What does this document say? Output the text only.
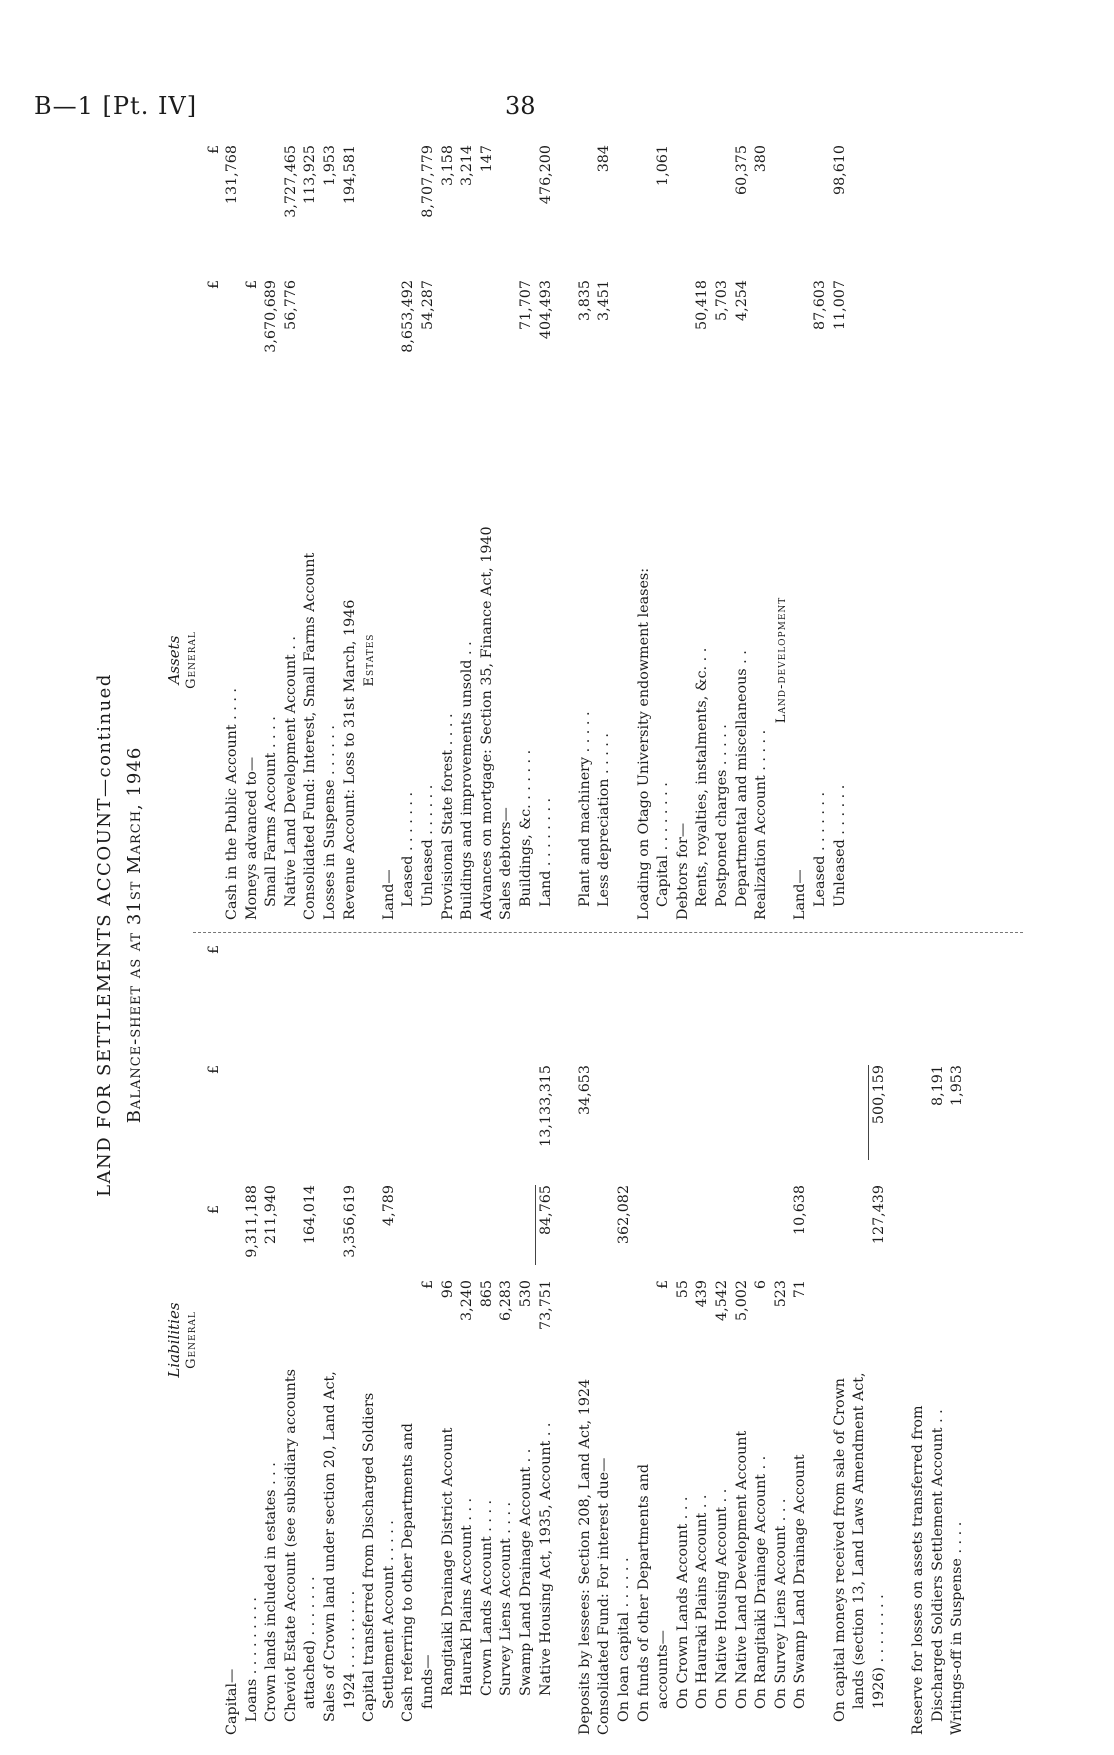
B—1 [Pt. IV]	38
LAND FOR SETTLEMENTS ACCOUNT—continued Balance-sheet as at 31st March, 1946
Liabilities General
£
£
£
Capital— Loans . . . . . . . . .
9,311,188
Crown lands included in estates . . .
211,940
Cheviot Estate Account (see subsidiary accounts attached) . . . . . . .
164,014
Sales of Crown land under section 20, Land Act, 1924 . . . . . . . . .
3,356,619
Capital transferred from Discharged Soldiers Settlement Account . . . . .
4,789
Cash referring to other Departments and funds—
£
Rangitaiki Drainage District Account
96
Hauraki Plains Account . . .
3,240
Crown Lands Account . . . .
865
Survey Liens Account . . . .
6,283
Swamp Land Drainage Account . .
530
Native Housing Act, 1935, Account . .
73,751
84,765
13,133,315
Deposits by lessees: Section 208, Land Act, 1924
34,653
Consolidated Fund: For interest due— On loan capital . . . . . .
362,082
On funds of other Departments and accounts—
£
On Crown Lands Account . . .
55
On Hauraki Plains Account . .
439
On Native Housing Account . .
4,542
On Native Land Development Account
5,002
On Rangitaiki Drainage Account . .
6
On Survey Liens Account . . .
523
On Swamp Land Drainage Account
71
10,638
On capital moneys received from sale of Crown lands (section 13, Land Laws Amendment Act, 1926) . . . . . . . .
127,439
500,159
Reserve for losses on assets transferred from Discharged Soldiers Settlement Account . .
8,191
Writings-off in Suspense . . . .
1,953
Assets General
£
£
Cash in the Public Account . . . .
131,768
Moneys advanced to—
£
Small Farms Account . . . .
3,670,689
Native Land Development Account . .
56,776
3,727,465
Consolidated Fund: Interest, Small Farms Account
113,925
Losses in Suspense . . . . . .
1,953
Revenue Account: Loss to 31st March, 1946
194,581
Estates
Land— Leased . . . . . . .
8,653,492
Unleased . . . . . .
54,287
8,707,779
Provisional State forest . . . .
3,158
Buildings and improvements unsold . .
3,214
Advances on mortgage: Section 35, Finance Act, 1940
147
Sales debtors— Buildings, &c. . . . . . .
71,707
Land . . . . . . . .
404,493
476,200
Plant and machinery . . . . .
3,835
Less depreciation . . . . .
3,451
384
Loading on Otago University endowment leases: Capital . . . . . . . .
1,061
Debtors for— Rents, royalties, instalments, &c. . .
50,418
Postponed charges . . . . .
5,703
Departmental and miscellaneous . .
4,254
60,375
Realization Account . . . . .
380
Land-development
Land— Leased . . . . . . .
87,603
Unleased . . . . . .
11,007
98,610
